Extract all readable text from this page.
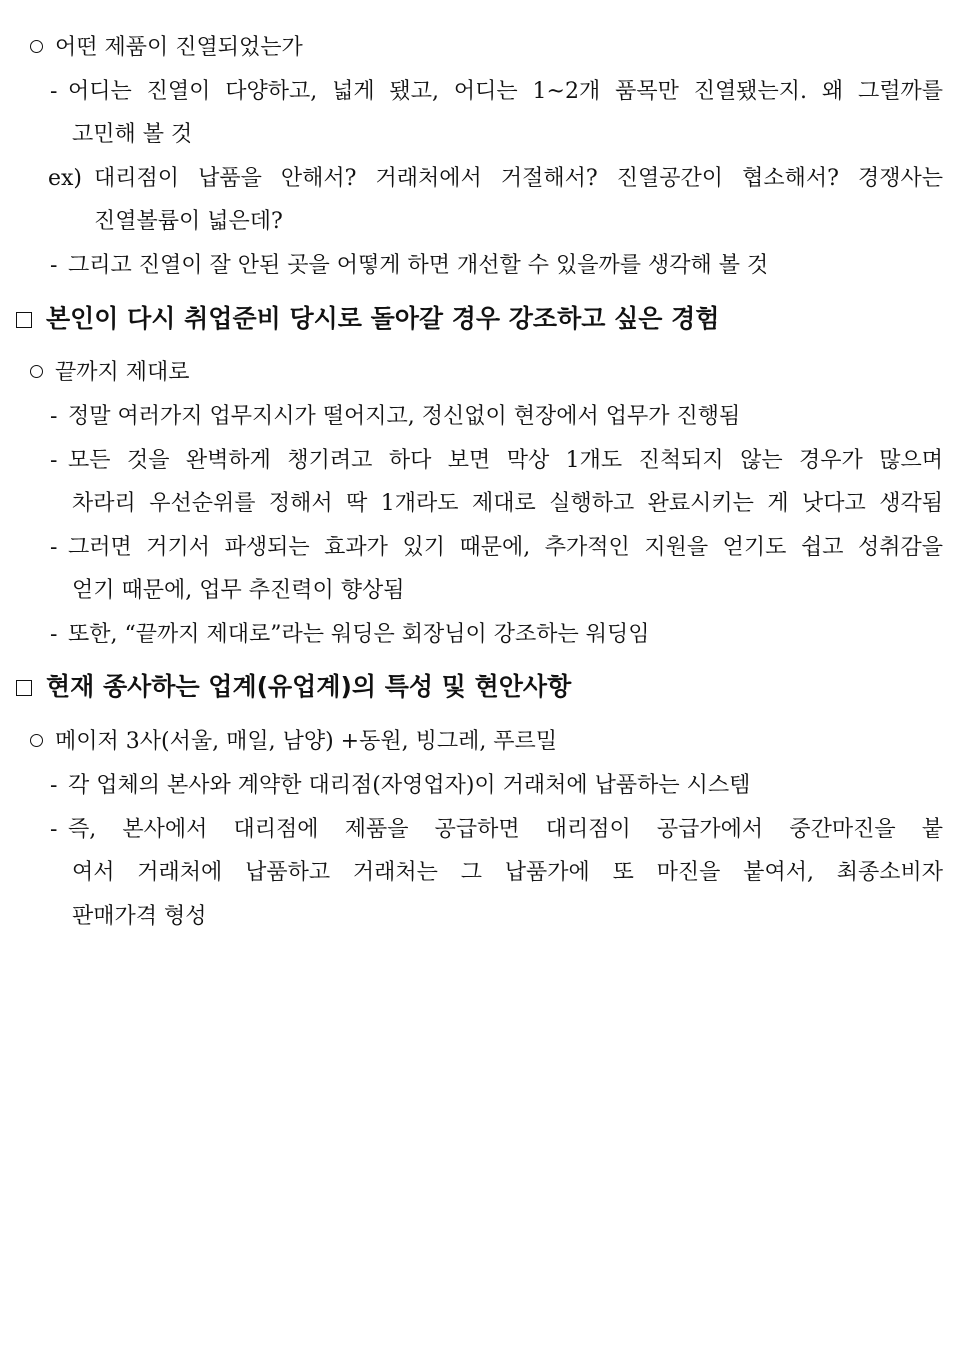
어떤 제품이 진열되었는가
- 어디는 진열이 다양하고, 넓게 됐고, 어디는 1~2개 품목만 진열됐는지. 왜 그럴까를
고민해 볼 것
ex) 대리점이 납품을 안해서? 거래처에서 거절해서? 진열공간이 협소해서? 경쟁사는
진열볼륨이 넓은데?
- 그리고 진열이 잘 안된 곳을 어떻게 하면 개선할 수 있을까를 생각해 볼 것
본인이 다시 취업준비 당시로 돌아갈 경우 강조하고 싶은 경험
끝까지 제대로
- 정말 여러가지 업무지시가 떨어지고, 정신없이 현장에서 업무가 진행됨
- 모든 것을 완벽하게 챙기려고 하다 보면 막상 1개도 진척되지 않는 경우가 많으며
차라리 우선순위를 정해서 딱 1개라도 제대로 실행하고 완료시키는 게 낫다고 생각됨
- 그러면 거기서 파생되는 효과가 있기 때문에, 추가적인 지원을 얻기도 쉽고 성취감을
얻기 때문에, 업무 추진력이 향상됨
- 또한, “끝까지 제대로”라는 워딩은 회장님이 강조하는 워딩임
현재 종사하는 업계(유업계)의 특성 및 현안사항
메이저 3사(서울, 매일, 남양) +동원, 빙그레, 푸르밀
- 각 업체의 본사와 계약한 대리점(자영업자)이 거래처에 납품하는 시스템
- 즉, 본사에서 대리점에 제품을 공급하면 대리점이 공급가에서 중간마진을 붙
여서 거래처에 납품하고 거래처는 그 납품가에 또 마진을 붙여서, 최종소비자
판매가격 형성
